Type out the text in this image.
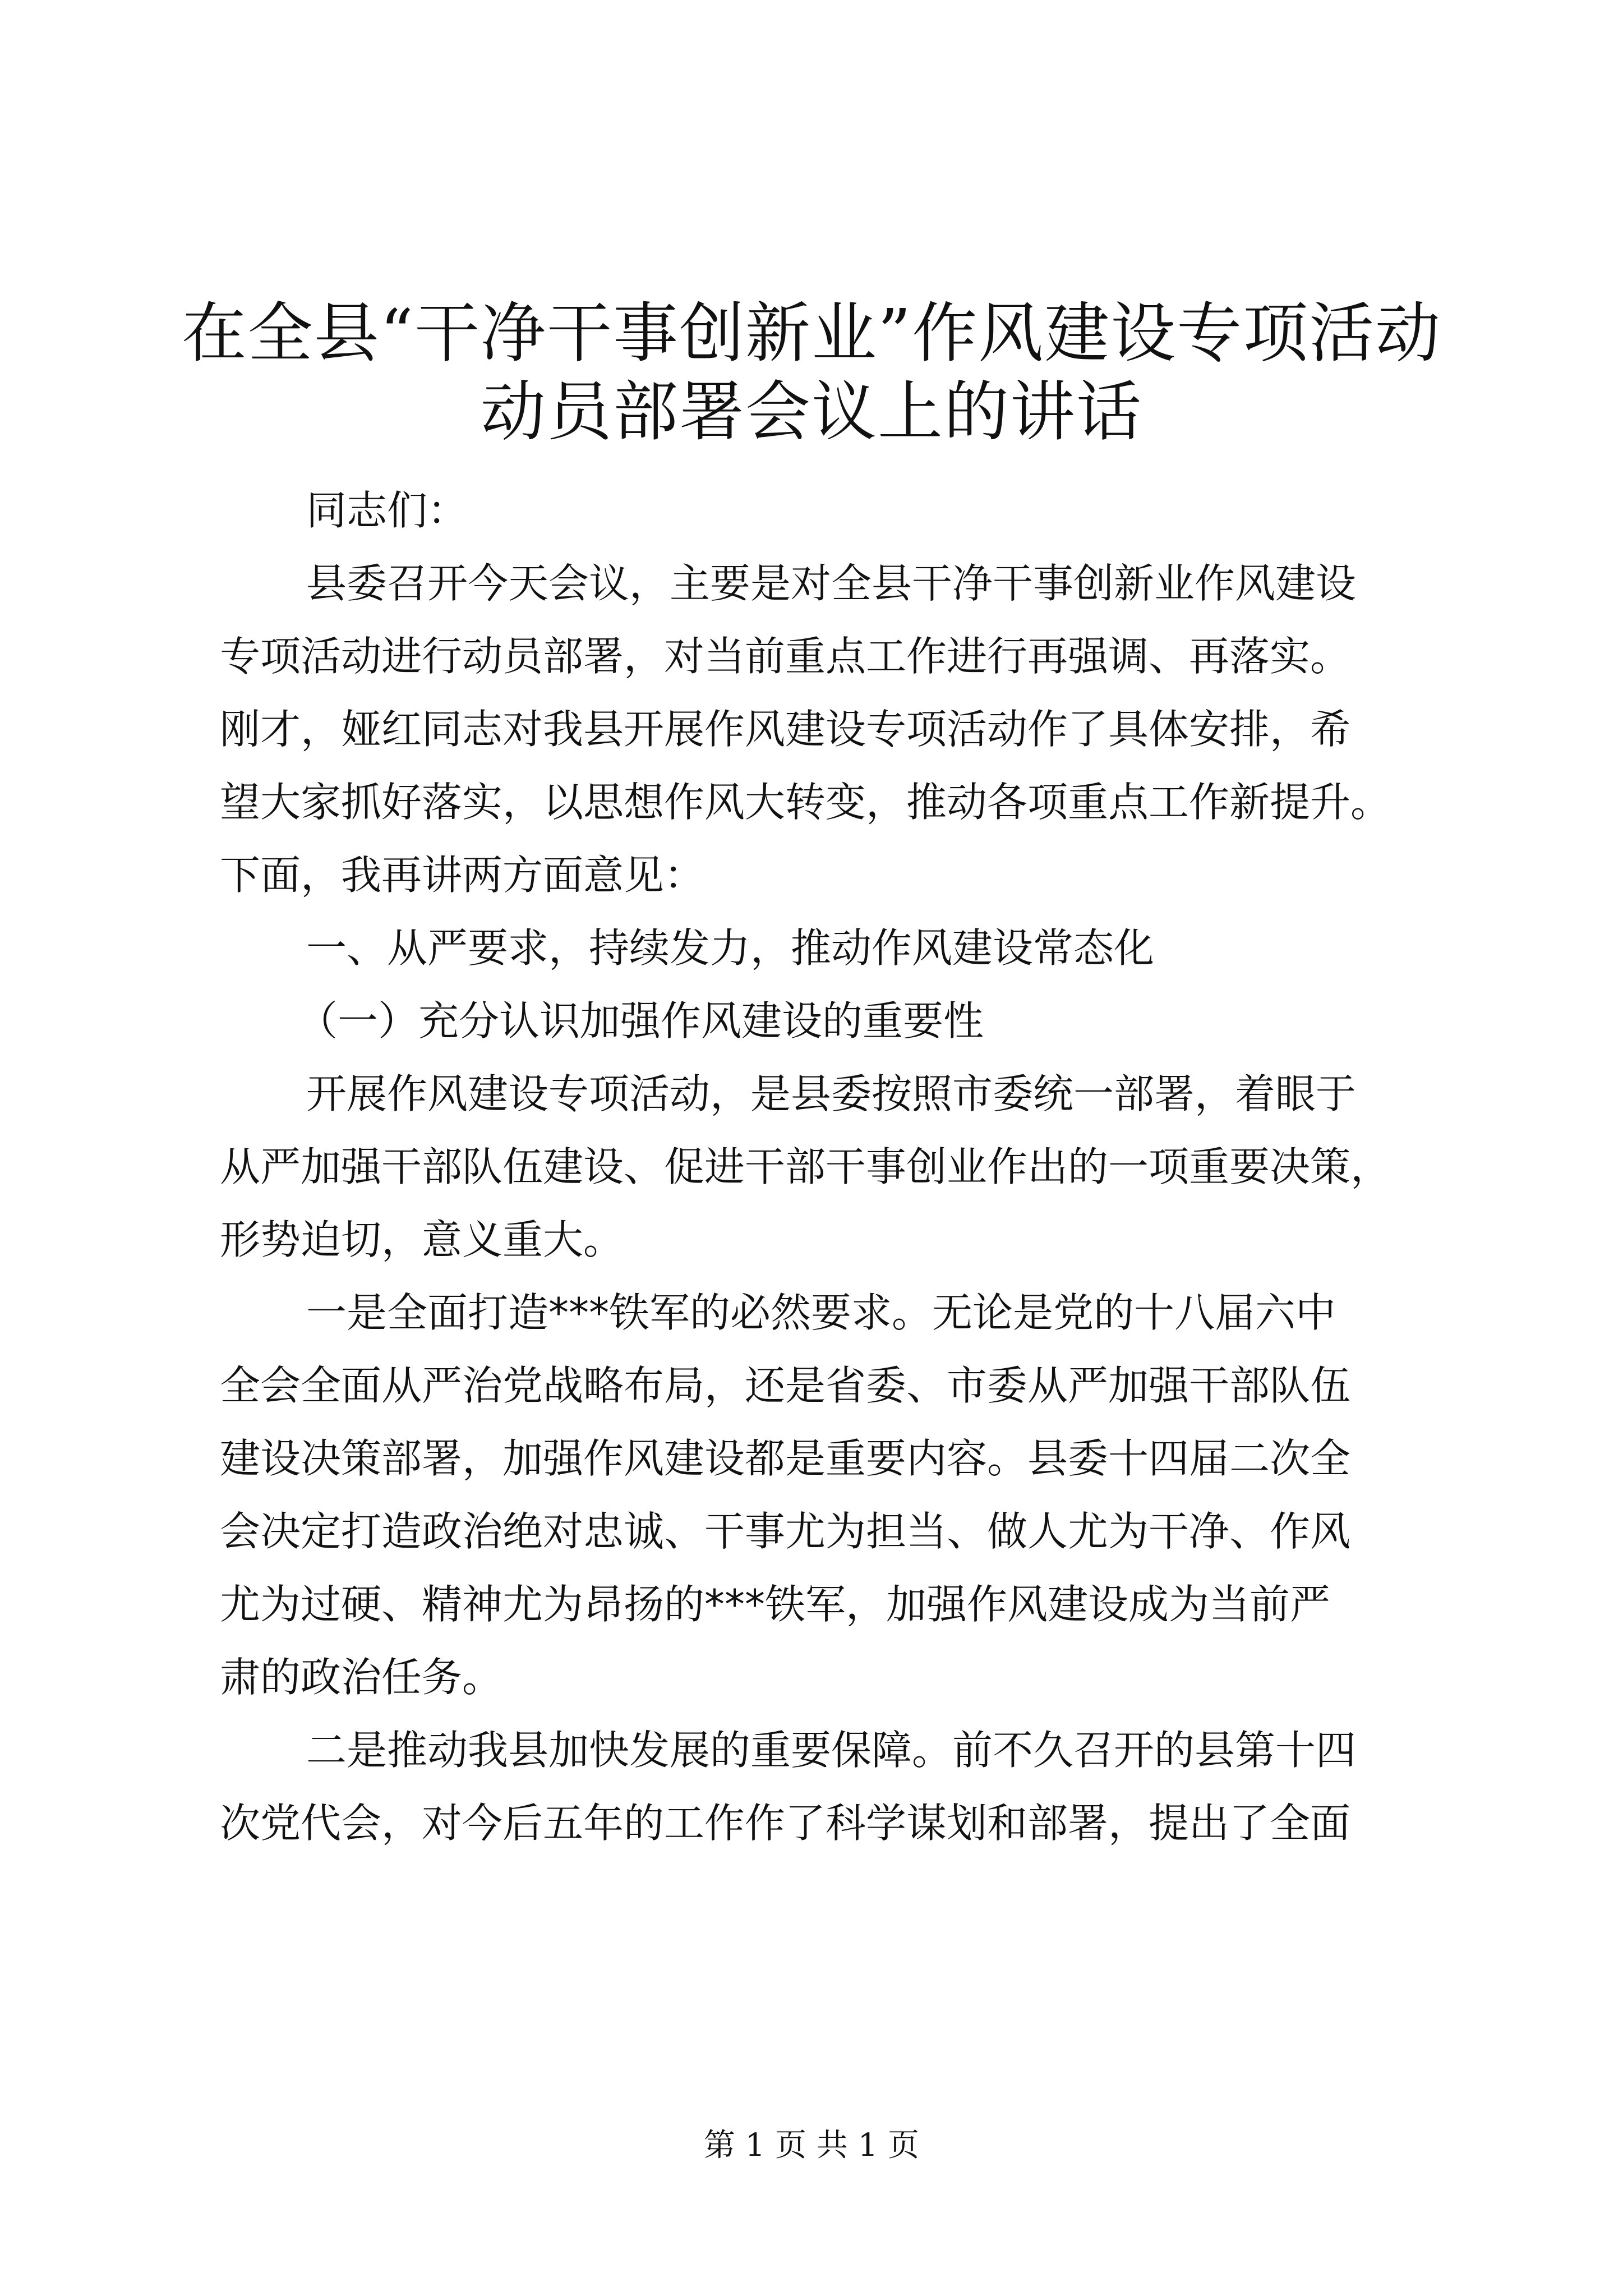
在全县“干净干事创新业”作风建设专项活动
动员部署会议上的讲话
同志们：
县委召开今天会议，主要是对全县干净干事创新业作风建设
专项活动进行动员部署，对当前重点工作进行再强调、再落实。
刚才，娅红同志对我县开展作风建设专项活动作了具体安排，希
望大家抓好落实，以思想作风大转变，推动各项重点工作新提升。
下面，我再讲两方面意见：
一、从严要求，持续发力，推动作风建设常态化
（一）充分认识加强作风建设的重要性
开展作风建设专项活动，是县委按照市委统一部署，着眼于
从严加强干部队伍建设、促进干部干事创业作出的一项重要决策，
形势迫切，意义重大。
一是全面打造***铁军的必然要求。无论是党的十八届六中
全会全面从严治党战略布局，还是省委、市委从严加强干部队伍
建设决策部署，加强作风建设都是重要内容。县委十四届二次全
会决定打造政治绝对忠诚、干事尤为担当、做人尤为干净、作风
尤为过硬、精神尤为昂扬的***铁军，加强作风建设成为当前严
肃的政治任务。
二是推动我县加快发展的重要保障。前不久召开的县第十四
次党代会，对今后五年的工作作了科学谋划和部署，提出了全面
第 1 页 共 1 页
